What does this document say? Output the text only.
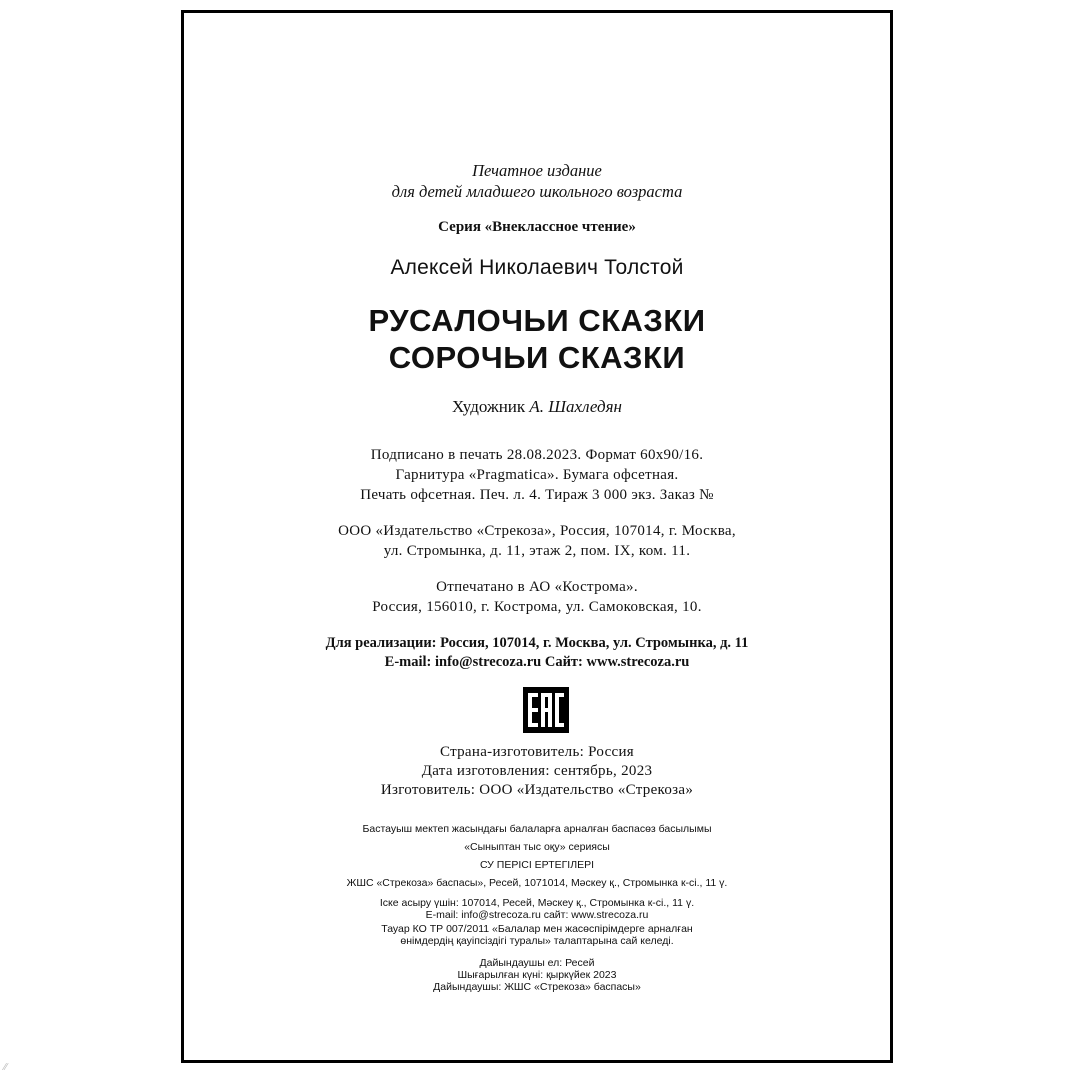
Печатное издание
для детей младшего школьного возраста
Серия «Внеклассное чтение»
Алексей Николаевич Толстой
РУСАЛОЧЬИ СКАЗКИ
СОРОЧЬИ СКАЗКИ
Художник А. Шахледян
Подписано в печать 28.08.2023. Формат 60x90/16.
Гарнитура «Pragmatica». Бумага офсетная.
Печать офсетная. Печ. л. 4. Тираж 3 000 экз. Заказ №
ООО «Издательство «Стрекоза», Россия, 107014, г. Москва,
ул. Стромынка, д. 11, этаж 2, пом. IX, ком. 11.
Отпечатано в АО «Кострома».
Россия, 156010, г. Кострома, ул. Самоковская, 10.
Для реализации: Россия, 107014, г. Москва, ул. Стромынка, д. 11
E-mail: info@strecoza.ru Сайт: www.strecoza.ru
Страна-изготовитель: Россия
Дата изготовления: сентябрь, 2023
Изготовитель: ООО «Издательство «Стрекоза»
Бастауыш мектеп жасындағы балаларға арналған баспасөз басылымы
«Сыныптан тыс оқу» сериясы
СУ ПЕРІСІ ЕРТЕГІЛЕРІ
ЖШС «Стрекоза» баспасы», Ресей, 1071014, Мәскеу қ., Стромынка к-сі., 11 ү.
Іске асыру үшін: 107014, Ресей, Мәскеу қ., Стромынка к-сі., 11 ү.
E-mail: info@strecoza.ru сайт: www.strecoza.ru
Тауар КО ТР 007/2011 «Балалар мен жасөспірімдерге арналған
өнімдердің қауіпсіздігі туралы» талаптарына сай келеді.
Дайындаушы ел: Ресей
Шығарылған күні: қыркүйек 2023
Дайындаушы: ЖШС «Стрекоза» баспасы»
∕∕
